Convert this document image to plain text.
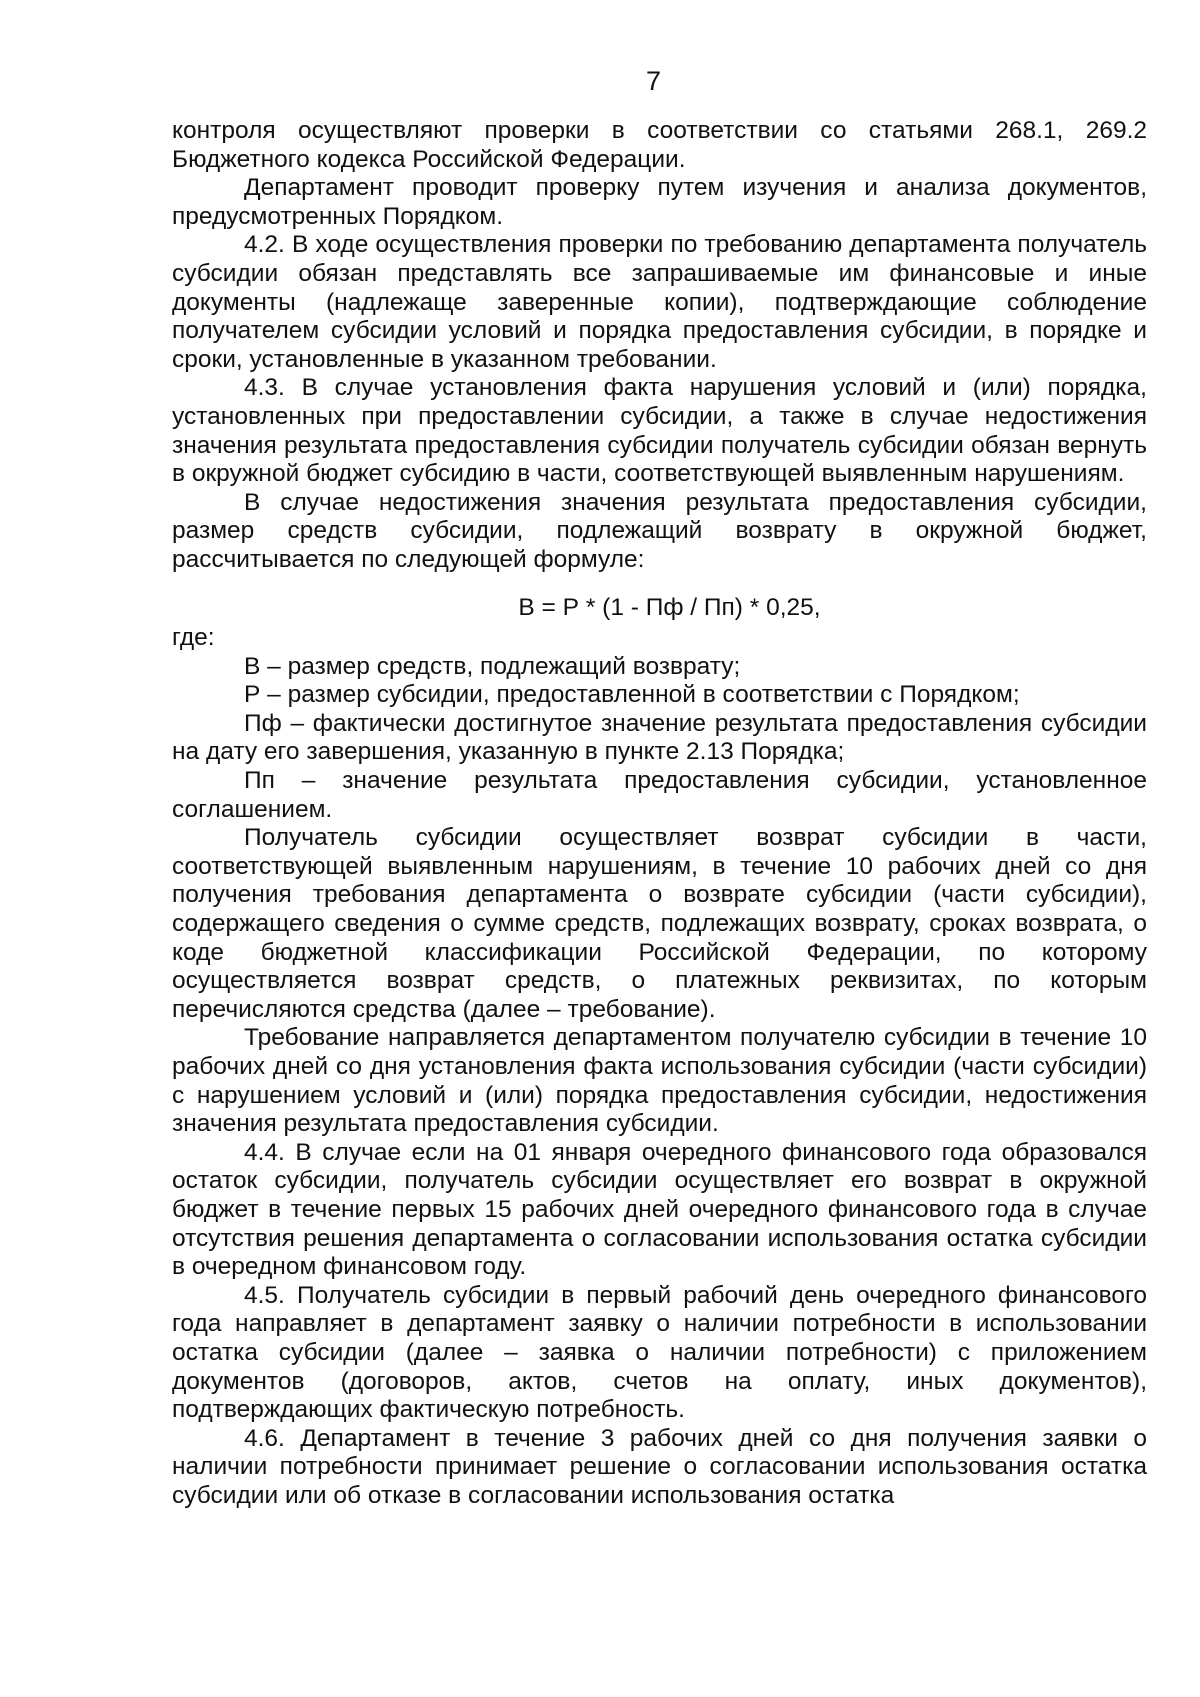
7

контроля осуществляют проверки в соответствии со статьями 268.1, 269.2 Бюджетного кодекса Российской Федерации.

Департамент проводит проверку путем изучения и анализа документов, предусмотренных Порядком.

4.2. В ходе осуществления проверки по требованию департамента получатель субсидии обязан представлять все запрашиваемые им финансовые и иные документы (надлежаще заверенные копии), подтверждающие соблюдение получателем субсидии условий и порядка предоставления субсидии, в порядке и сроки, установленные в указанном требовании.

4.3. В случае установления факта нарушения условий и (или) порядка, установленных при предоставлении субсидии, а также в случае недостижения значения результата предоставления субсидии получатель субсидии обязан вернуть в окружной бюджет субсидию в части, соответствующей выявленным нарушениям.

В случае недостижения значения результата предоставления субсидии, размер средств субсидии, подлежащий возврату в окружной бюджет, рассчитывается по следующей формуле:

В = Р * (1 - Пф / Пп) * 0,25,

где:

В – размер средств, подлежащий возврату;

Р – размер субсидии, предоставленной в соответствии с Порядком;

Пф – фактически достигнутое значение результата предоставления субсидии на дату его завершения, указанную в пункте 2.13 Порядка;

Пп – значение результата предоставления субсидии, установленное соглашением.

Получатель субсидии осуществляет возврат субсидии в части, соответствующей выявленным нарушениям, в течение 10 рабочих дней со дня получения требования департамента о возврате субсидии (части субсидии), содержащего сведения о сумме средств, подлежащих возврату, сроках возврата, о коде бюджетной классификации Российской Федерации, по которому осуществляется возврат средств, о платежных реквизитах, по которым перечисляются средства (далее – требование).

Требование направляется департаментом получателю субсидии в течение 10 рабочих дней со дня установления факта использования субсидии (части субсидии) с нарушением условий и (или) порядка предоставления субсидии, недостижения значения результата предоставления субсидии.

4.4. В случае если на 01 января очередного финансового года образовался остаток субсидии, получатель субсидии осуществляет его возврат в окружной бюджет в течение первых 15 рабочих дней очередного финансового года в случае отсутствия решения департамента о согласовании использования остатка субсидии в очередном финансовом году.

4.5. Получатель субсидии в первый рабочий день очередного финансового года направляет в департамент заявку о наличии потребности в использовании остатка субсидии (далее – заявка о наличии потребности) с приложением документов (договоров, актов, счетов на оплату, иных документов), подтверждающих фактическую потребность.

4.6. Департамент в течение 3 рабочих дней со дня получения заявки о наличии потребности принимает решение о согласовании использования остатка субсидии или об отказе в согласовании использования остатка
